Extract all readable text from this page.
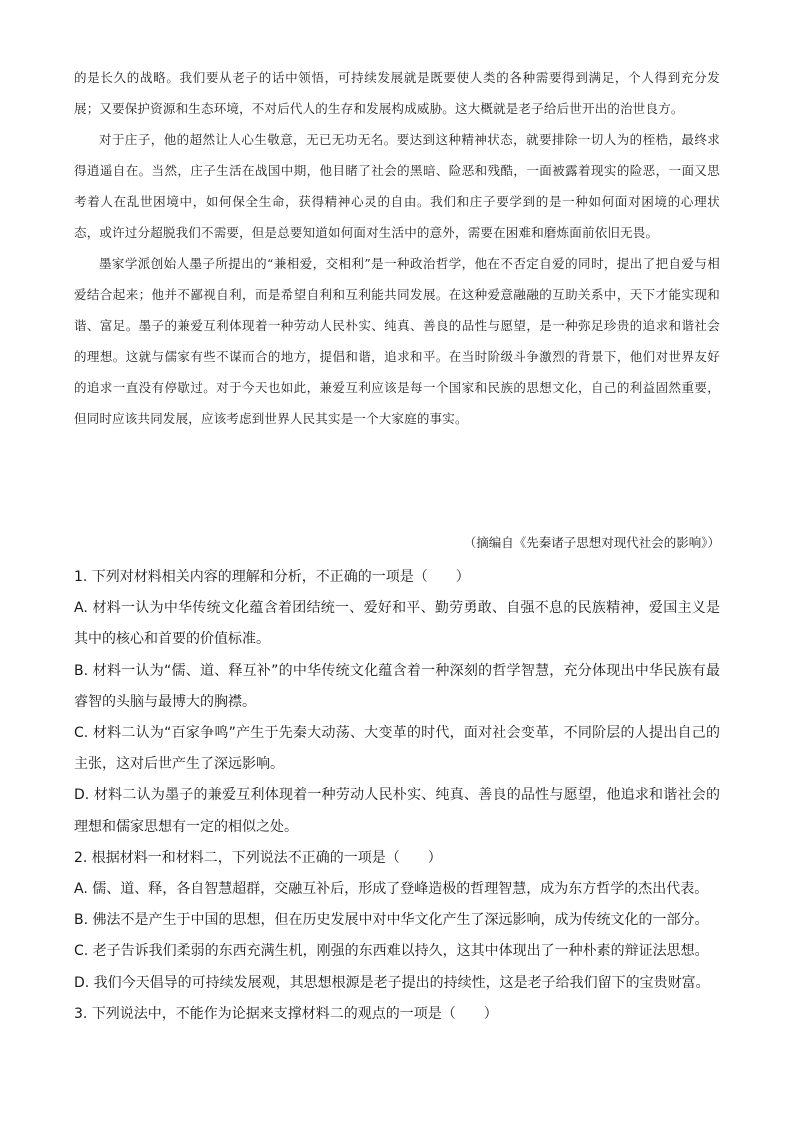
的是长久的战略。我们要从老子的话中领悟，可持续发展就是既要使人类的各种需要得到满足，个人得到充分发展；又要保护资源和生态环境，不对后代人的生存和发展构成威胁。这大概就是老子给后世开出的治世良方。

对于庄子，他的超然让人心生敬意，无已无功无名。要达到这种精神状态，就要排除一切人为的桎梏，最终求得逍遥自在。当然，庄子生活在战国中期，他目睹了社会的黑暗、险恶和残酷，一面被露着现实的险恶，一面又思考着人在乱世困境中，如何保全生命，获得精神心灵的自由。我们和庄子要学到的是一种如何面对困境的心理状态，或许过分超脱我们不需要，但是总要知道如何面对生活中的意外，需要在困难和磨炼面前依旧无畏。

墨家学派创始人墨子所提出的“兼相爱，交相利”是一种政治哲学，他在不否定自爱的同时，提出了把自爱与相爱结合起来；他并不鄙视自利，而是希望自利和互利能共同发展。在这种爱意融融的互助关系中，天下才能实现和谐、富足。墨子的兼爱互利体现着一种劳动人民朴实、纯真、善良的品性与愿望，是一种弥足珍贵的追求和谐社会的理想。这就与儒家有些不谋而合的地方，提倡和谐，追求和平。在当时阶级斗争激烈的背景下，他们对世界友好的追求一直没有停歇过。对于今天也如此，兼爱互利应该是每一个国家和民族的思想文化，自己的利益固然重要，但同时应该共同发展，应该考虑到世界人民其实是一个大家庭的事实。

（摘编自《先秦诸子思想对现代社会的影响》）

1. 下列对材料相关内容的理解和分析，不正确的一项是（　　）

A. 材料一认为中华传统文化蕴含着团结统一、爱好和平、勤劳勇敢、自强不息的民族精神，爱国主义是其中的核心和首要的价值标准。

B. 材料一认为“儒、道、释互补”的中华传统文化蕴含着一种深刻的哲学智慧，充分体现出中华民族有最睿智的头脑与最博大的胸襟。

C. 材料二认为“百家争鸣”产生于先秦大动荡、大变革的时代，面对社会变革，不同阶层的人提出自己的主张，这对后世产生了深远影响。

D. 材料二认为墨子的兼爱互利体现着一种劳动人民朴实、纯真、善良的品性与愿望，他追求和谐社会的理想和儒家思想有一定的相似之处。

2. 根据材料一和材料二，下列说法不正确的一项是（　　）

A. 儒、道、释，各自智慧超群，交融互补后，形成了登峰造极的哲理智慧，成为东方哲学的杰出代表。

B. 佛法不是产生于中国的思想，但在历史发展中对中华文化产生了深远影响，成为传统文化的一部分。

C. 老子告诉我们柔弱的东西充满生机，刚强的东西难以持久，这其中体现出了一种朴素的辩证法思想。

D. 我们今天倡导的可持续发展观，其思想根源是老子提出的持续性，这是老子给我们留下的宝贵财富。

3. 下列说法中，不能作为论据来支撑材料二的观点的一项是（　　）
